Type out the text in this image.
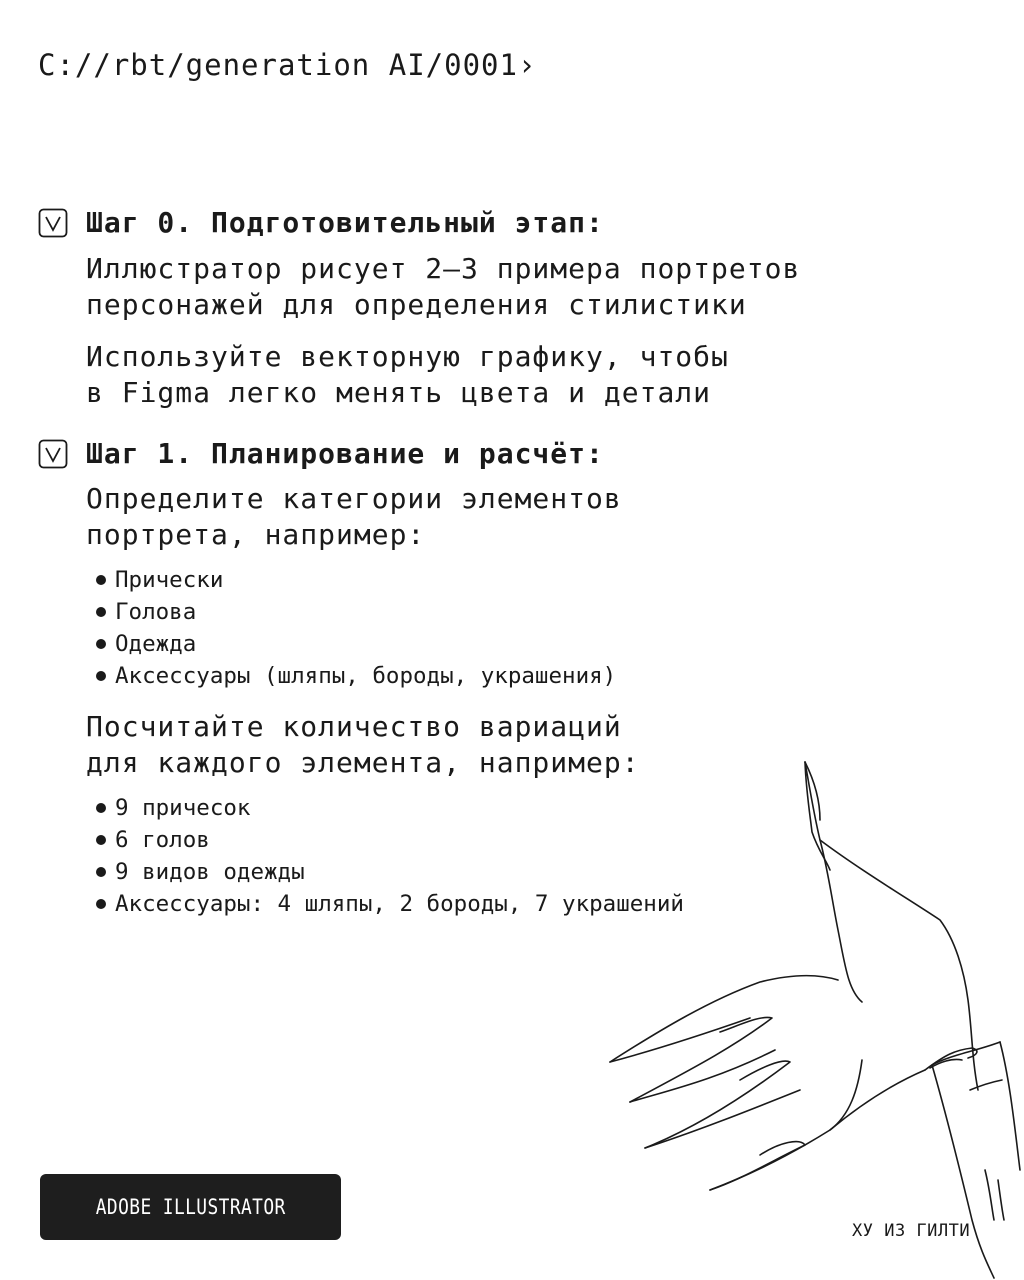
C://rbt/generation AI/0001›
Шаг 0. Подготовительный этап:

Иллюстратор рисует 2–3 примера портретов
персонажей для определения стилистики

Используйте векторную графику, чтобы
в Figma легко менять цвета и детали

Шаг 1. Планирование и расчёт:

Определите категории элементов
портрета, например:

Прически
Голова
Одежда
Аксессуары (шляпы, бороды, украшения)

Посчитайте количество вариаций
для каждого элемента, например:

9 причесок
6 голов
9 видов одежды
Аксессуары: 4 шляпы, 2 бороды, 7 украшений
ADOBE ILLUSTRATOR
ХУ ИЗ ГИЛТИ
